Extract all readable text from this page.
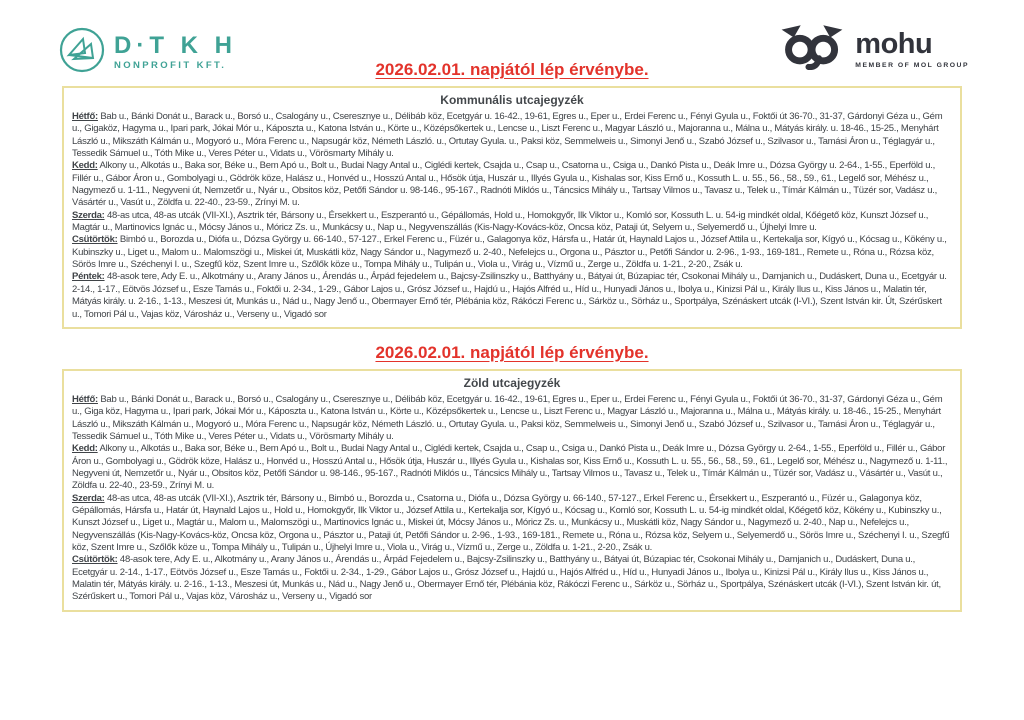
D·T K H
NONPROFIT KFT.	2026.02.01. napjától lép érvénybe.
mohu
MEMBER OF MOL GROUP
Kommunális utcajegyzék

Hétfő: Bab u., Bánki Donát u., Barack u., Borsó u., Csalogány u., Cseresznye u., Délibáb köz, Ecetgyár u. 16-42., 19-61, Egres u., Eper u., Erdei Ferenc u., Fényi Gyula u., Foktői út 36-70., 31-37, Gárdonyi Géza u., Gém u., Gigaköz, Hagyma u., Ipari park, Jókai Mór u., Káposzta u., Katona István u., Körte u., Középsőkertek u., Lencse u., Liszt Ferenc u., Magyar László u., Majoranna u., Málna u., Mátyás király. u. 18-46., 15-25., Menyhárt László u., Mikszáth Kálmán u., Mogyoró u., Móra Ferenc u., Napsugár köz, Németh László. u., Ortutay Gyula. u., Paksi köz, Semmelweis u., Simonyi Jenő u., Szabó József u., Szilvasor u., Tamási Áron u., Téglagyár u., Tessedik Sámuel u., Tóth Mike u., Veres Péter u., Vidats u., Vörösmarty Mihály u.

Kedd: Alkony u., Alkotás u., Baka sor, Béke u., Bem Apó u., Bolt u., Budai Nagy Antal u., Ciglédi kertek, Csajda u., Csap u., Csatorna u., Csiga u., Dankó Pista u., Deák Imre u., Dózsa György u. 2-64., 1-55., Eperföld u., Fillér u., Gábor Áron u., Gombolyagi u., Gödrök köze, Halász u., Honvéd u., Hosszú Antal u., Hősök útja, Huszár u., Illyés Gyula u., Kishalas sor, Kiss Ernő u., Kossuth L. u. 55., 56., 58., 59., 61., Legelő sor, Méhész u., Nagymező u. 1-11., Negyveni út, Nemzetőr u., Nyár u., Obsitos köz, Petőfi Sándor u. 98-146., 95-167., Radnóti Miklós u., Táncsics Mihály u., Tartsay Vilmos u., Tavasz u., Telek u., Tímár Kálmán u., Tüzér sor, Vadász u., Vásártér u., Vasút u., Zöldfa u. 22-40., 23-59., Zrínyi M. u.

Szerda: 48-as utca, 48-as utcák (VII-XI.), Asztrik tér, Bársony u., Érsekkert u., Eszperantó u., Gépállomás, Hold u., Homokgyőr, Ilk Viktor u., Komló sor, Kossuth L. u. 54-ig mindkét oldal, Kőégető köz, Kunszt József u., Magtár u., Martinovics Ignác u., Mócsy János u., Móricz Zs. u., Munkácsy u., Nap u., Negyvenszállás (Kis-Nagy-Kovács-köz, Oncsa köz, Pataji út, Selyem u., Selyemerdő u., Újhelyi Imre u.

Csütörtök: Bimbó u., Borozda u., Diófa u., Dózsa György u. 66-140., 57-127., Erkel Ferenc u., Füzér u., Galagonya köz, Hársfa u., Határ út, Haynald Lajos u., József Attila u., Kertekalja sor, Kígyó u., Kócsag u., Kökény u., Kubinszky u., Liget u., Malom u.. Malomszögi u., Miskei út, Muskátli köz, Nagy Sándor u., Nagymező u. 2-40., Nefelejcs u., Orgona u., Pásztor u., Petőfi Sándor u. 2-96., 1-93., 169-181., Remete u., Róna u., Rózsa köz, Sörös Imre u., Széchenyi I. u., Szegfű köz, Szent Imre u., Szőlők köze u., Tompa Mihály u., Tulipán u., Viola u., Virág u., Vízmű u., Zerge u., Zöldfa u. 1-21., 2-20., Zsák u.

Péntek: 48-asok tere, Ady E. u., Alkotmány u., Arany János u., Árendás u., Árpád fejedelem u., Bajcsy-Zsilinszky u., Batthyány u., Bátyai út, Búzapiac tér, Csokonai Mihály u., Damjanich u., Dudáskert, Duna u., Ecetgyár u. 2-14., 1-17., Eötvös József u., Esze Tamás u., Foktői u. 2-34., 1-29., Gábor Lajos u., Grósz József u., Hajdú u., Hajós Alfréd u., Híd u., Hunyadi János u., Ibolya u., Kinizsi Pál u., Király Ilus u., Kiss János u., Malatin tér, Mátyás király. u. 2-16., 1-13., Meszesi út, Munkás u., Nád u., Nagy Jenő u., Obermayer Ernő tér, Plébánia köz, Rákóczi Ferenc u., Sárköz u., Sörház u., Sportpálya, Szénáskert utcák (I-VI.), Szent István kir. Út, Szérűskert u., Tomori Pál u., Vajas köz, Városház u., Verseny u., Vigadó sor

2026.02.01. napjától lép érvénybe.
Zöld utcajegyzék

Hétfő: Bab u., Bánki Donát u., Barack u., Borsó u., Csalogány u., Cseresznye u., Délibáb köz, Ecetgyár u. 16-42., 19-61, Egres u., Eper u., Erdei Ferenc u., Fényi Gyula u., Foktői út 36-70., 31-37, Gárdonyi Géza u., Gém u., Giga köz, Hagyma u., Ipari park, Jókai Mór u., Káposzta u., Katona István u., Körte u., Középsőkertek u., Lencse u., Liszt Ferenc u., Magyar László u., Majoranna u., Málna u., Mátyás király. u. 18-46., 15-25., Menyhárt László u., Mikszáth Kálmán u., Mogyoró u., Móra Ferenc u., Napsugár köz, Németh László. u., Ortutay Gyula. u., Paksi köz, Semmelweis u., Simonyi Jenő u., Szabó József u., Szilvasor u., Tamási Áron u., Téglagyár u., Tessedik Sámuel u., Tóth Mike u., Veres Péter u., Vidats u., Vörösmarty Mihály u.

Kedd: Alkony u., Alkotás u., Baka sor, Béke u., Bem Apó u., Bolt u., Budai Nagy Antal u., Ciglédi kertek, Csajda u., Csap u., Csiga u., Dankó Pista u., Deák Imre u., Dózsa György u. 2-64., 1-55., Eperföld u., Fillér u., Gábor Áron u., Gombolyagi u., Gödrök köze, Halász u., Honvéd u., Hosszú Antal u., Hősök útja, Huszár u., Illyés Gyula u., Kishalas sor, Kiss Ernő u., Kossuth L. u. 55., 56., 58., 59., 61., Legelő sor, Méhész u., Nagymező u. 1-11., Negyveni út, Nemzetőr u., Nyár u., Obsitos köz, Petőfi Sándor u. 98-146., 95-167., Radnóti Miklós u., Táncsics Mihály u., Tartsay Vilmos u., Tavasz u., Telek u., Tímár Kálmán u., Tüzér sor, Vadász u., Vásártér u., Vasút u., Zöldfa u. 22-40., 23-59., Zrínyi M. u.

Szerda: 48-as utca, 48-as utcák (VII-XI.), Asztrik tér, Bársony u., Bimbó u., Borozda u., Csatorna u., Diófa u., Dózsa György u. 66-140., 57-127., Erkel Ferenc u., Érsekkert u., Eszperantó u., Füzér u., Galagonya köz, Gépállomás, Hársfa u., Határ út, Haynald Lajos u., Hold u., Homokgyőr, Ilk Viktor u., József Attila u., Kertekalja sor, Kígyó u., Kócsag u., Komló sor, Kossuth L. u. 54-ig mindkét oldal, Kőégető köz, Kökény u., Kubinszky u., Kunszt József u., Liget u., Magtár u., Malom u., Malomszögi u., Martinovics Ignác u., Miskei út, Mócsy János u., Móricz Zs. u., Munkácsy u., Muskátli köz, Nagy Sándor u., Nagymező u. 2-40., Nap u., Nefelejcs u., Negyvenszállás (Kis-Nagy-Kovács-köz, Oncsa köz, Orgona u., Pásztor u., Pataji út, Petőfi Sándor u. 2-96., 1-93., 169-181., Remete u., Róna u., Rózsa köz, Selyem u., Selyemerdő u., Sörös Imre u., Széchenyi I. u., Szegfű köz, Szent Imre u., Szőlők köze u., Tompa Mihály u., Tulipán u., Újhelyi Imre u., Viola u., Virág u., Vízmű u., Zerge u., Zöldfa u. 1-21., 2-20., Zsák u.

Csütörtök: 48-asok tere, Ady E. u., Alkotmány u., Arany János u., Árendás u., Árpád Fejedelem u., Bajcsy-Zsilinszky u., Batthyány u., Bátyai út, Búzapiac tér, Csokonai Mihály u., Damjanich u., Dudáskert, Duna u., Ecetgyár u. 2-14., 1-17., Eötvös József u., Esze Tamás u., Foktői u. 2-34., 1-29., Gábor Lajos u., Grósz József u., Hajdú u., Hajós Alfréd u., Híd u., Hunyadi János u., Ibolya u., Kinizsi Pál u., Király Ilus u., Kiss János u., Malatin tér, Mátyás király. u. 2-16., 1-13., Meszesi út, Munkás u., Nád u., Nagy Jenő u., Obermayer Ernő tér, Plébánia köz, Rákóczi Ferenc u., Sárköz u., Sörház u., Sportpálya, Szénáskert utcák (I-VI.), Szent István kir. út, Szérűskert u., Tomori Pál u., Vajas köz, Városház u., Verseny u., Vigadó sor
